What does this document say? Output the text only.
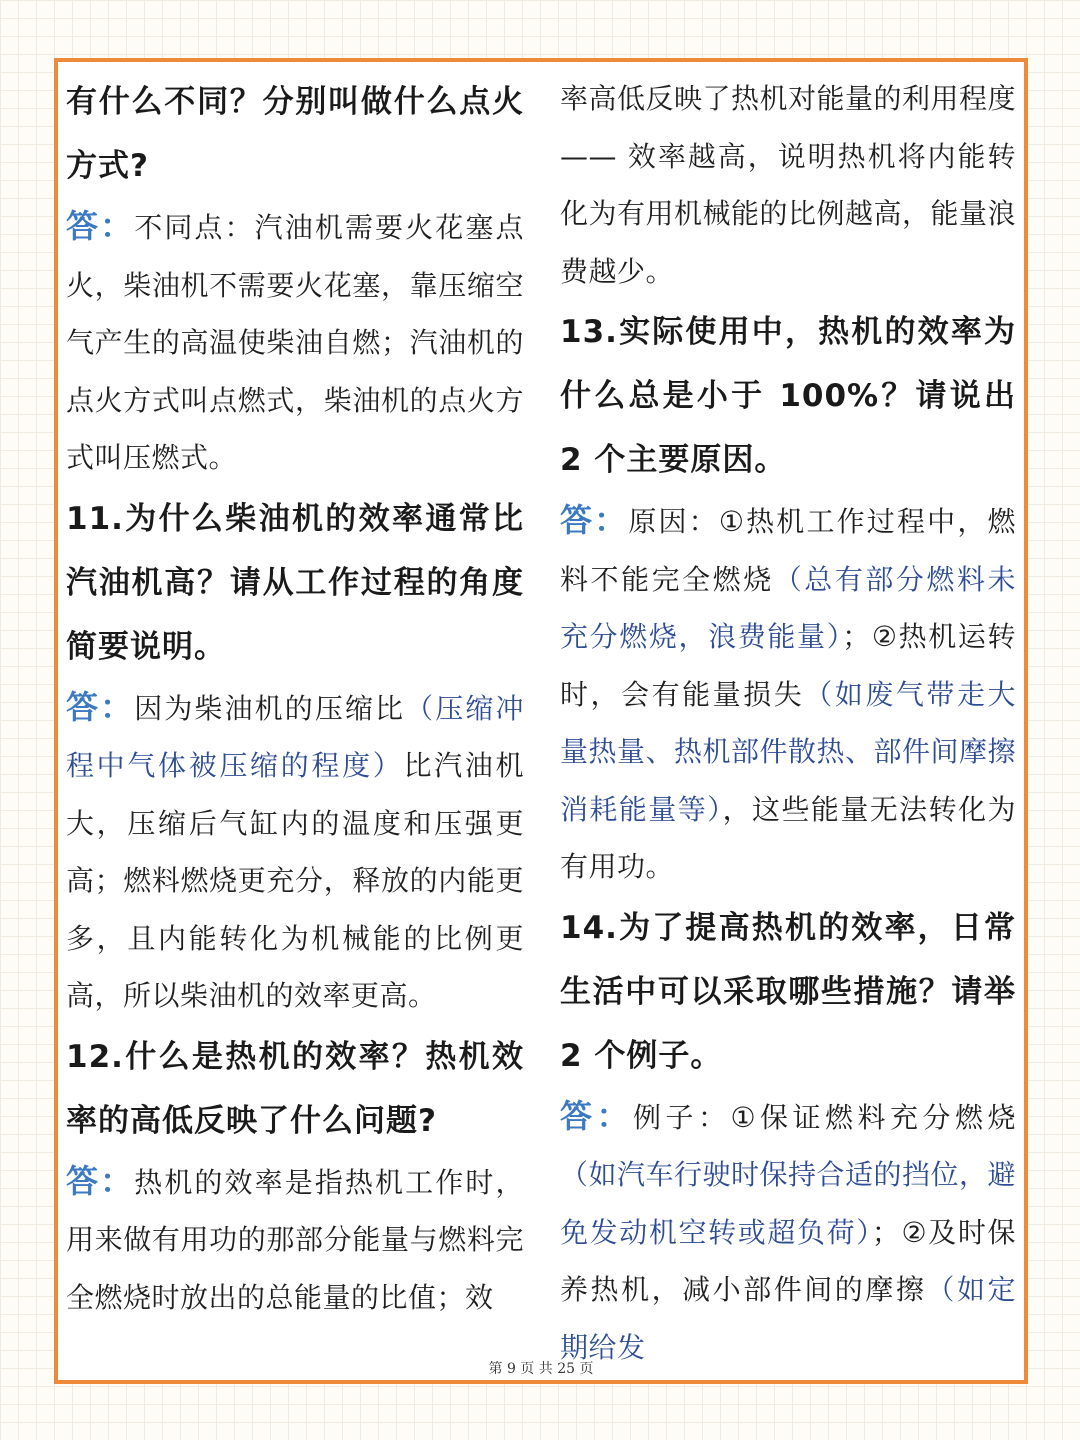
有什么不同？分别叫做什么点火方式?

答：不同点：汽油机需要火花塞点火，柴油机不需要火花塞，靠压缩空气产生的高温使柴油自燃；汽油机的点火方式叫点燃式，柴油机的点火方式叫压燃式。

11.为什么柴油机的效率通常比汽油机高？请从工作过程的角度简要说明。

答：因为柴油机的压缩比（压缩冲程中气体被压缩的程度）比汽油机大，压缩后气缸内的温度和压强更高；燃料燃烧更充分，释放的内能更多，且内能转化为机械能的比例更高，所以柴油机的效率更高。

12.什么是热机的效率？热机效率的高低反映了什么问题?

答：热机的效率是指热机工作时，用来做有用功的那部分能量与燃料完全燃烧时放出的总能量的比值；效

率高低反映了热机对能量的利用程度 —— 效率越高，说明热机将内能转化为有用机械能的比例越高，能量浪费越少。

13.实际使用中，热机的效率为什么总是小于 100%？请说出 2 个主要原因。

答：原因：①热机工作过程中，燃料不能完全燃烧（总有部分燃料未充分燃烧，浪费能量）；②热机运转时，会有能量损失（如废气带走大量热量、热机部件散热、部件间摩擦消耗能量等），这些能量无法转化为有用功。

14.为了提高热机的效率，日常生活中可以采取哪些措施？请举 2 个例子。

答：例子：①保证燃料充分燃烧（如汽车行驶时保持合适的挡位，避免发动机空转或超负荷）；②及时保养热机，减小部件间的摩擦（如定期给发

第 9 页 共 25 页
